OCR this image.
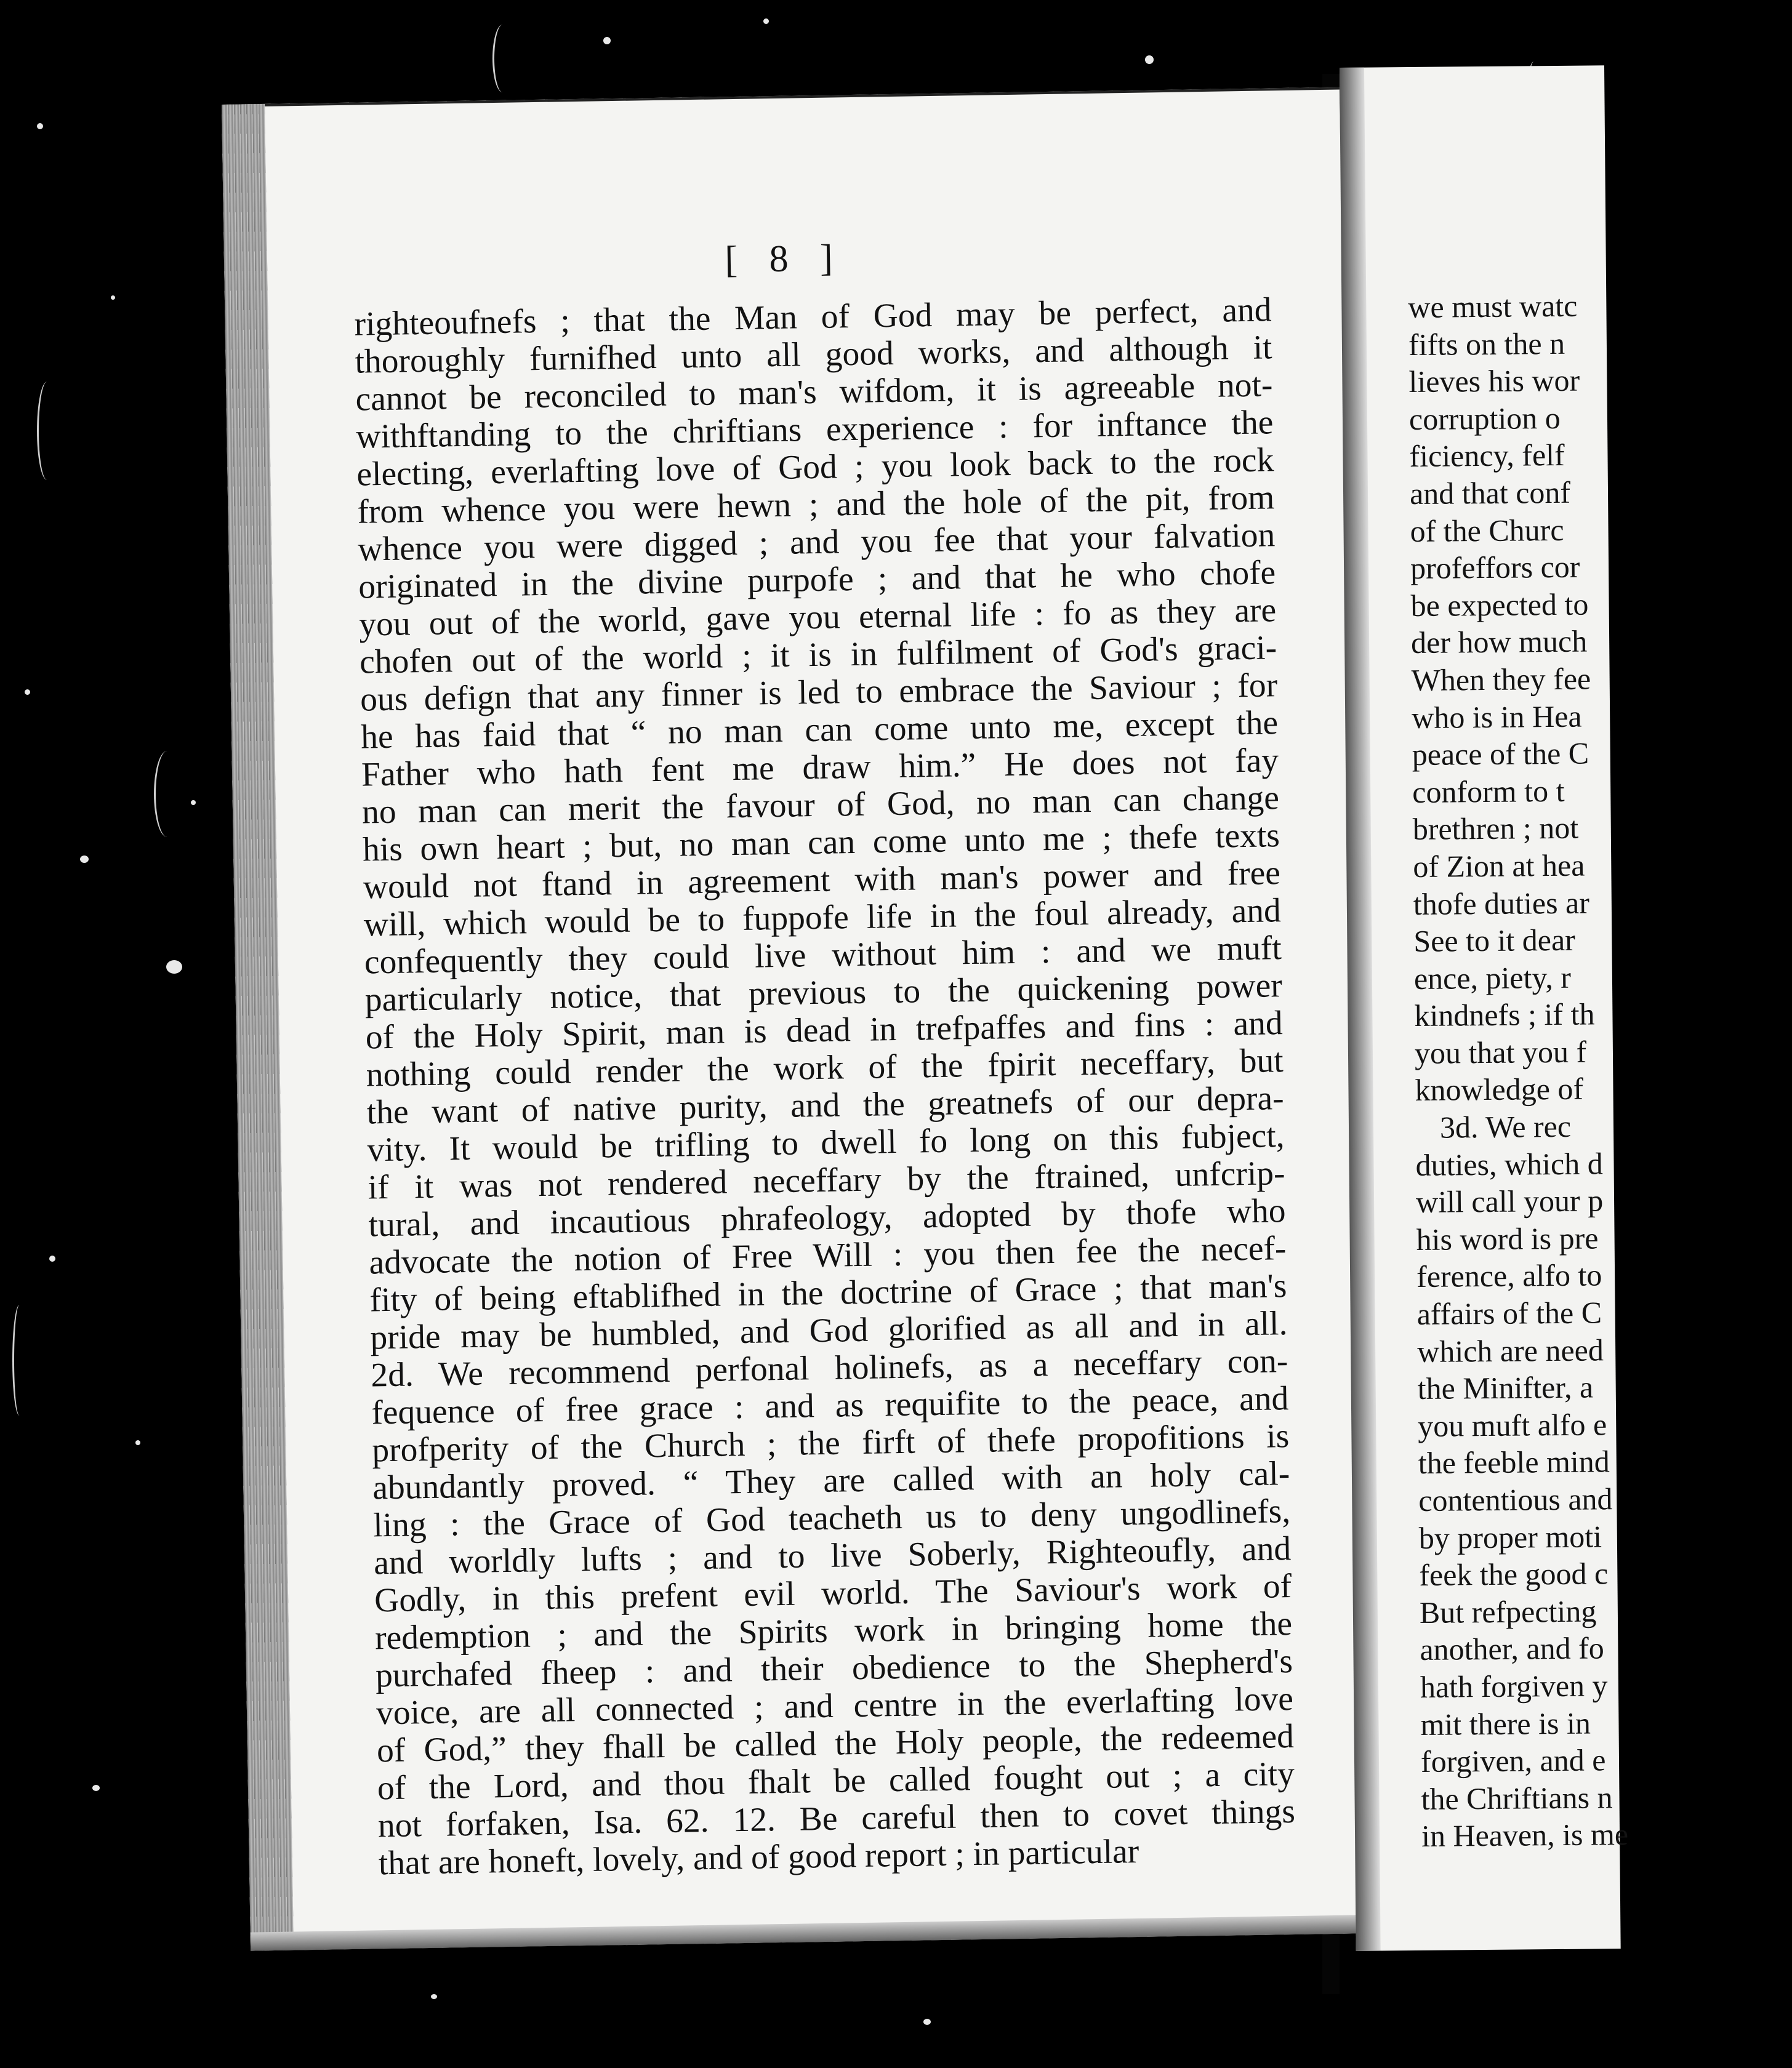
[ 8 ]
righteoufnefs ; that the Man of God may be perfect, and
thoroughly furnifhed unto all good works, and although it
cannot be reconciled to man's wifdom, it is agreeable not-
withftanding to the chriftians experience : for inftance the
electing, everlafting love of God ; you look back to the rock
from whence you were hewn ; and the hole of the pit, from
whence you were digged ; and you fee that your falvation
originated in the divine purpofe ; and that he who chofe
you out of the world, gave you eternal life : fo as they are
chofen out of the world ; it is in fulfilment of God's graci-
ous defign that any finner is led to embrace the Saviour ; for
he has faid that “ no man can come unto me, except the
Father who hath fent me draw him.” He does not fay
no man can merit the favour of God, no man can change
his own heart ; but, no man can come unto me ; thefe texts
would not ftand in agreement with man's power and free
will, which would be to fuppofe life in the foul already, and
confequently they could live without him : and we muft
particularly notice, that previous to the quickening power
of the Holy Spirit, man is dead in trefpaffes and fins : and
nothing could render the work of the fpirit neceffary, but
the want of native purity, and the greatnefs of our depra-
vity. It would be trifling to dwell fo long on this fubject,
if it was not rendered neceffary by the ftrained, unfcrip-
tural, and incautious phrafeology, adopted by thofe who
advocate the notion of Free Will : you then fee the necef-
fity of being eftablifhed in the doctrine of Grace ; that man's
pride may be humbled, and God glorified as all and in all.
2d. We recommend perfonal holinefs, as a neceffary con-
fequence of free grace : and as requifite to the peace, and
profperity of the Church ; the firft of thefe propofitions is
abundantly proved. “ They are called with an holy cal-
ling : the Grace of God teacheth us to deny ungodlinefs,
and worldly lufts ; and to live Soberly, Righteoufly, and
Godly, in this prefent evil world. The Saviour's work of
redemption ; and the Spirits work in bringing home the
purchafed fheep : and their obedience to the Shepherd's
voice, are all connected ; and centre in the everlafting love
of God,” they fhall be called the Holy people, the redeemed
of the Lord, and thou fhalt be called fought out ; a city
not forfaken, Isa. 62. 12. Be careful then to covet things
that are honeft, lovely, and of good report ; in particular
we must watc
fifts on the n
lieves his wor
corruption o
ficiency, felf
and that conf
of the Churc
profeffors cor
be expected to
der how much
When they fee
who is in Hea
peace of the C
conform to t
brethren ; not
of Zion at hea
thofe duties ar
See to it dear
ence, piety, r
kindnefs ; if th
you that you f
knowledge of
3d. We rec
duties, which d
will call your p
his word is pre
ference, alfo to
affairs of the C
which are need
the Minifter, a
you muft alfo e
the feeble mind
contentious and
by proper moti
feek the good c
But refpecting
another, and fo
hath forgiven y
mit there is in
forgiven, and e
the Chriftians n
in Heaven, is me
